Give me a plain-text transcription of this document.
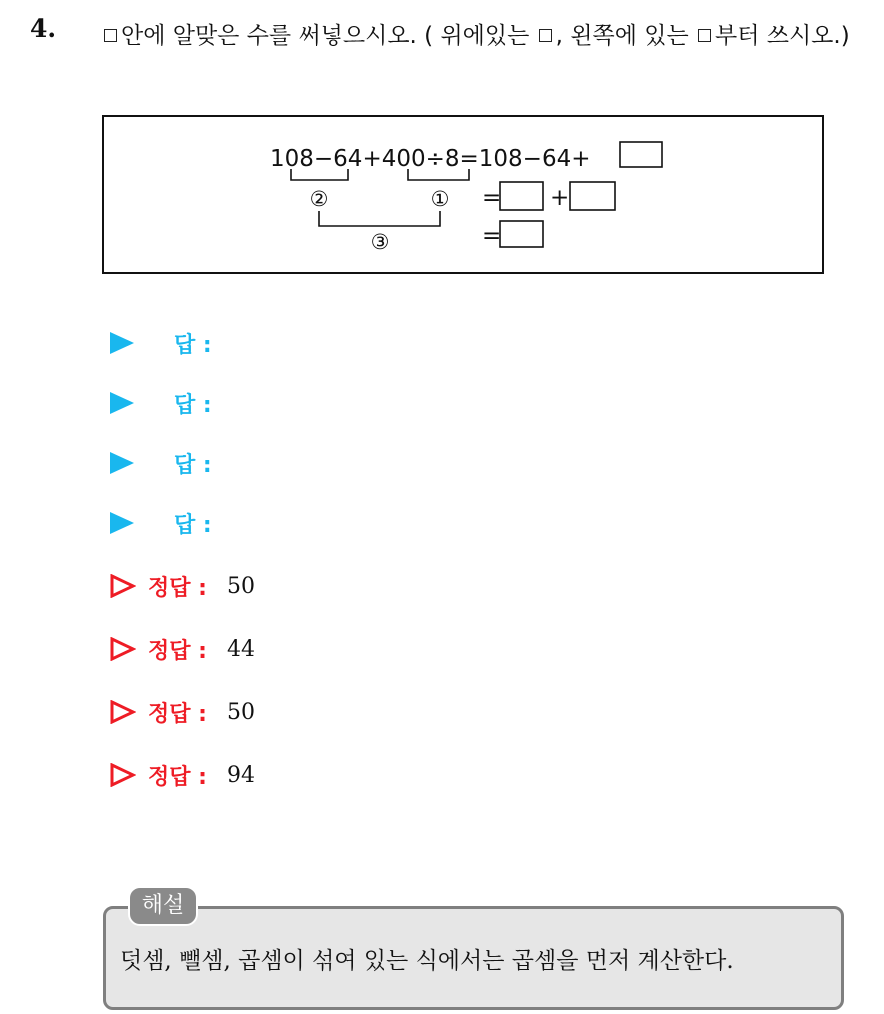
4.	안에 알맞은 수를 써넣으시오. ( 위에있는 , 왼쪽에 있는 부터 쓰시오.)
108−64+400÷8=108−64+
②	① = +
③	=
답 :
답 :
답 :
답 :
정답 : 50
정답 : 44
정답 : 50
정답 : 94
해설
덧셈, 뺄셈, 곱셈이 섞여 있는 식에서는 곱셈을 먼저 계산한다.
